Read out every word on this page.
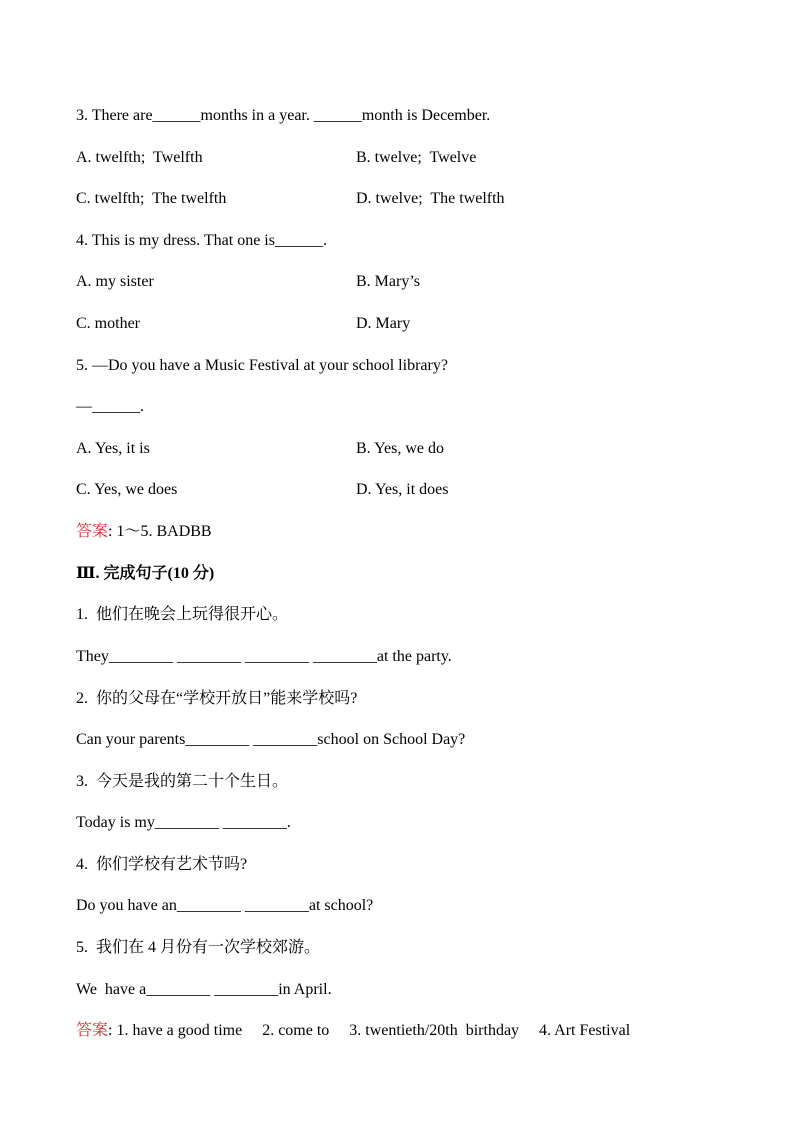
3. There are______months in a year. ______month is December.
A. twelfth;  Twelfth	B. twelve;  Twelve
C. twelfth;  The twelfth	D. twelve;  The twelfth
4. This is my dress. That one is______.
A. my sister	B. Mary’s
C. mother	D. Mary
5. —Do you have a Music Festival at your school library?
—______.
A. Yes, it is	B. Yes, we do
C. Yes, we does	D. Yes, it does
答案: 1～5. BADBB
Ⅲ. 完成句子(10 分)
1.  他们在晚会上玩得很开心。
They________ ________ ________ ________at the party.
2.  你的父母在“学校开放日”能来学校吗?
Can your parents________ ________school on School Day?
3.  今天是我的第二十个生日。
Today is my________ ________.
4.  你们学校有艺术节吗?
Do you have an________ ________at school?
5.  我们在 4 月份有一次学校郊游。
We  have a________ ________in April.
答案: 1. have a good time     2. come to     3. twentieth/20th  birthday     4. Art Festival
